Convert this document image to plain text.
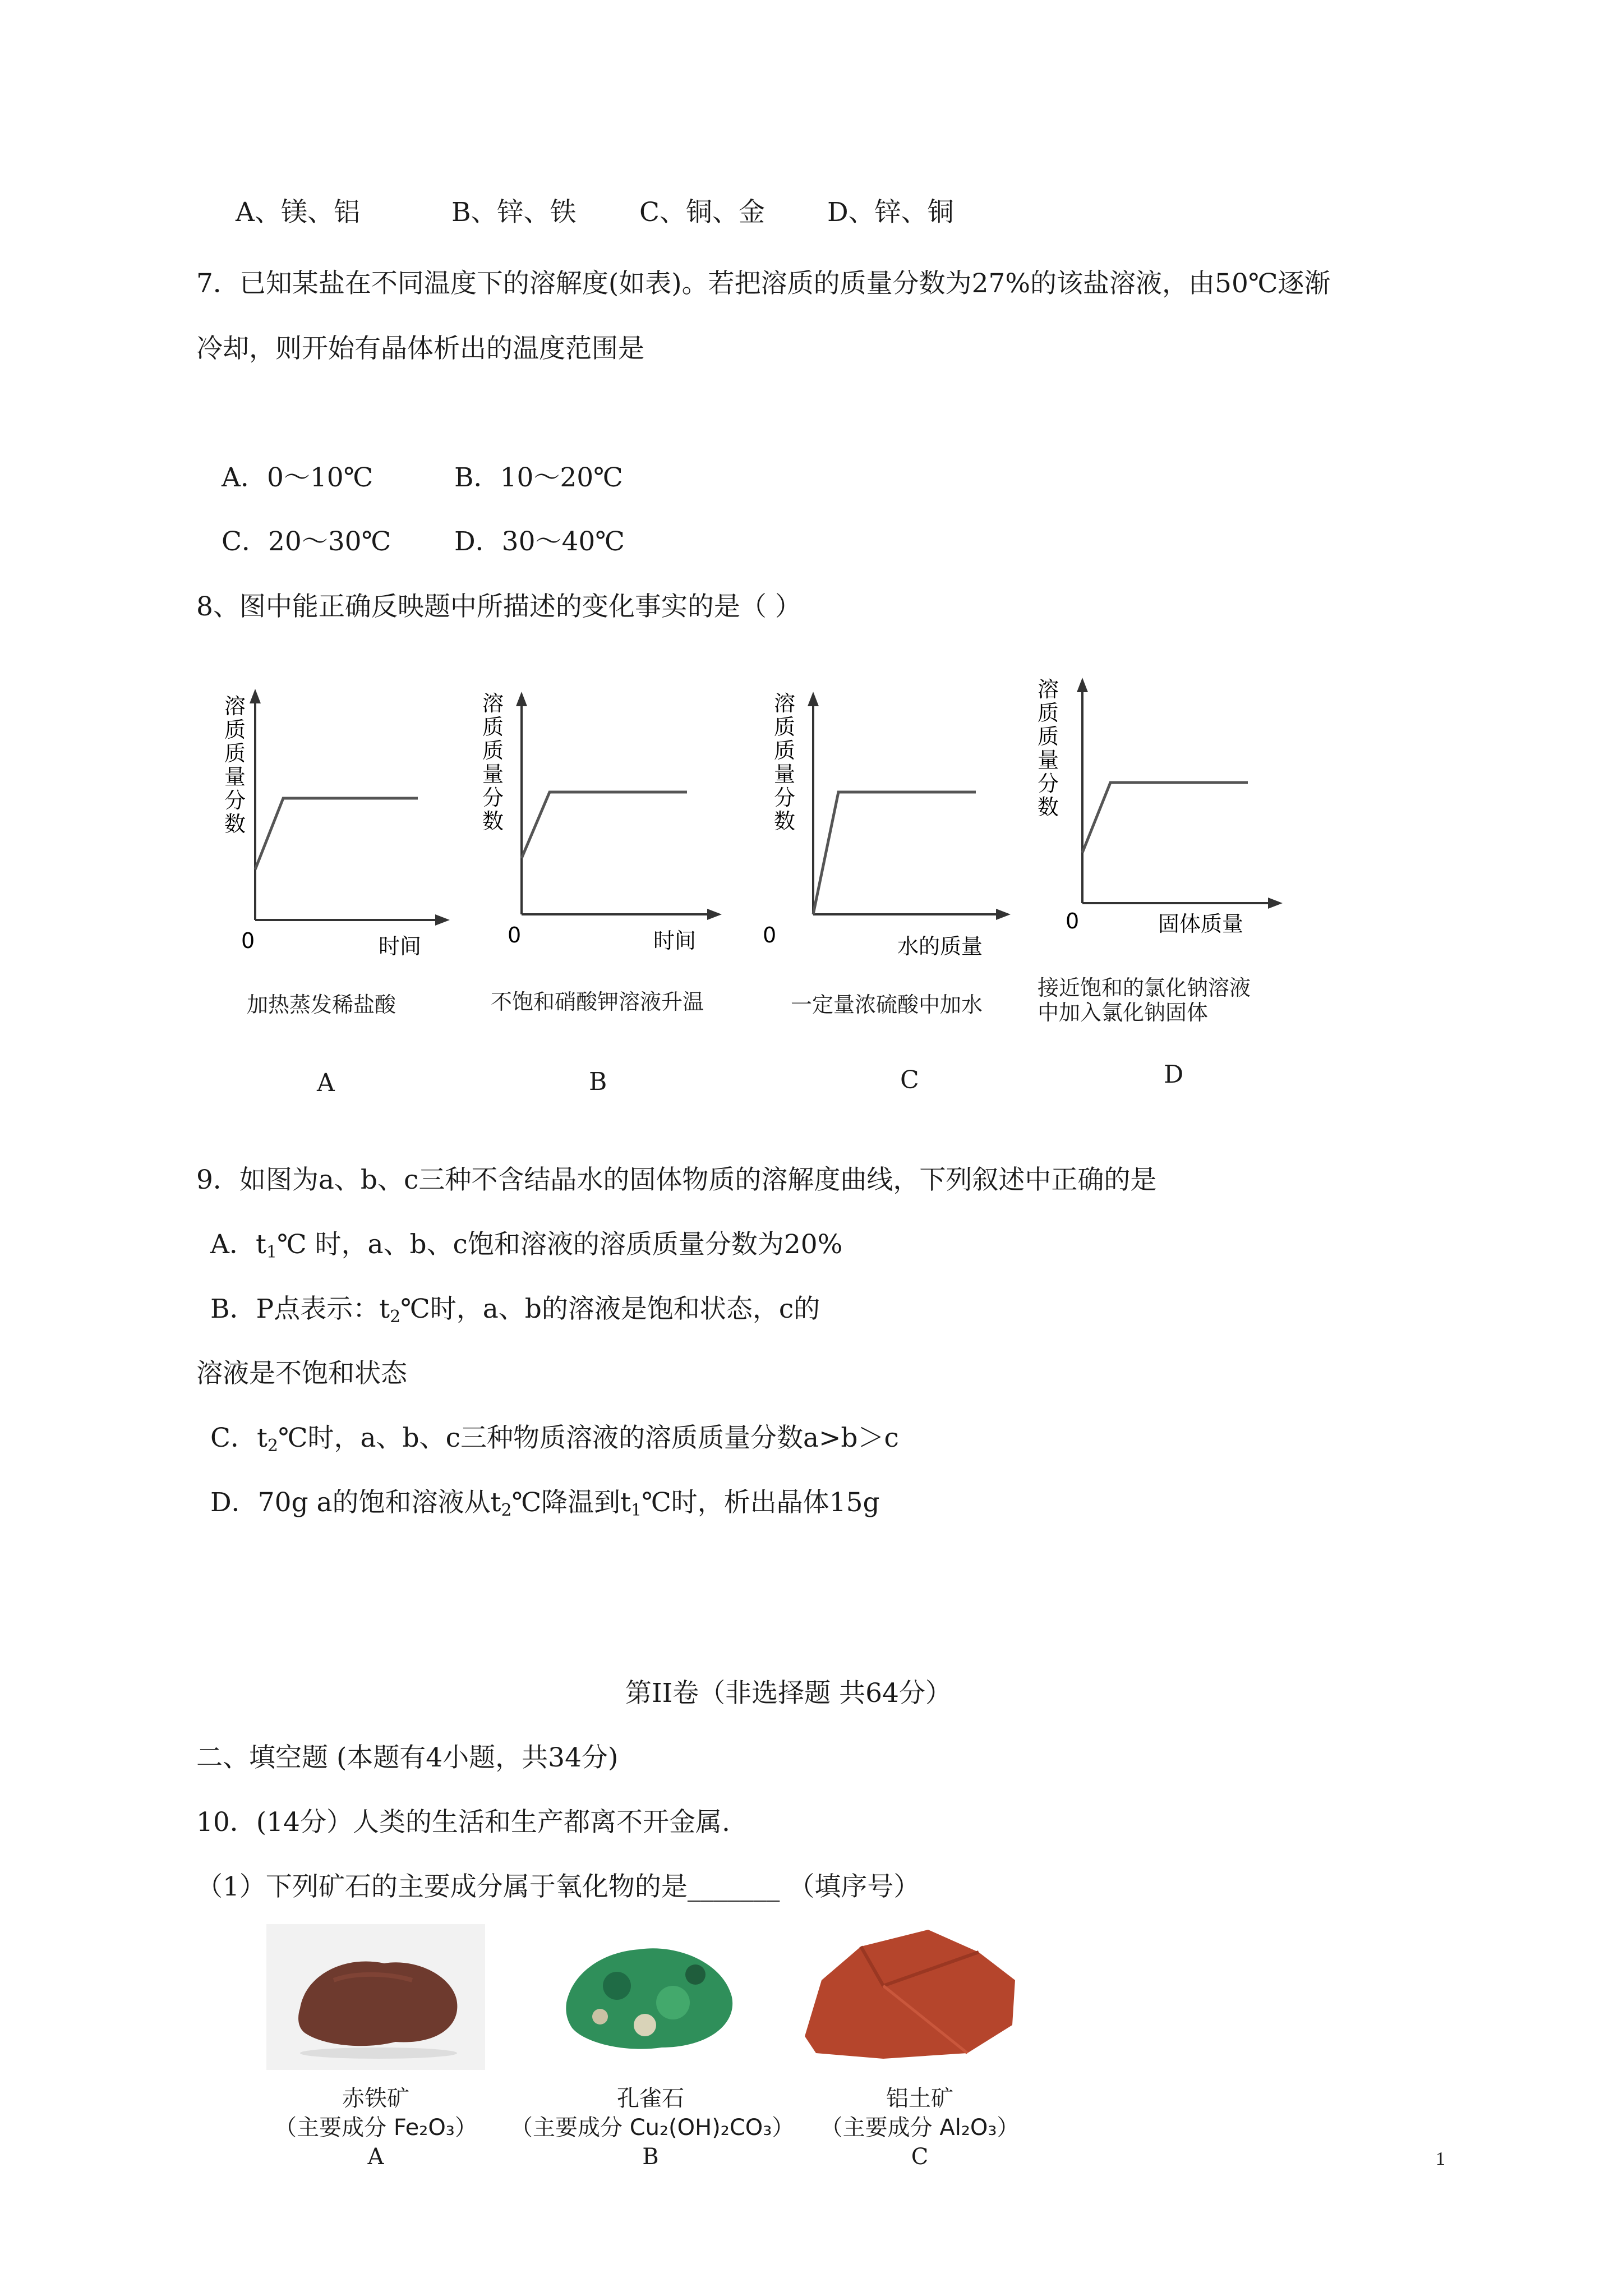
A、镁、铝	B、锌、铁 C、铜、金 D、锌、铜
7．已知某盐在不同温度下的溶解度(如表)。若把溶质的质量分数为27%的该盐溶液，由50℃逐渐
冷却，则开始有晶体析出的温度范围是
A．0～10℃	B．10～20℃
C．20～30℃ D．30～40℃
8、图中能正确反映题中所描述的变化事实的是（ ）
溶
质
质
量
分
数
0	时间
加热蒸发稀盐酸
A
溶
质
质
量
分
数
0	时间
不饱和硝酸钾溶液升温
B
溶
质
质
量
分
数
0	水的质量
一定量浓硫酸中加水
C
溶
质
质
量
分
数
0	固体质量
接近饱和的氯化钠溶液
中加入氯化钠固体
D
9．如图为a、b、c三种不含结晶水的固体物质的溶解度曲线，下列叙述中正确的是
A．$t_1℃$ 时，a、b、c饱和溶液的溶质质量分数为20%
B．P点表示：$t_2℃$时，a、b的溶液是饱和状态，c的
溶液是不饱和状态
C．$t_2℃$时，a、b、c三种物质溶液的溶质质量分数a>b＞c
D．70g a的饱和溶液从$t_2℃$降温到$t_1℃$时，析出晶体15g
第II卷（非选择题 共64分）
二、填空题 (本题有4小题，共34分)
10．(14分）人类的生活和生产都离不开金属.
（1）下列矿石的主要成分属于氧化物的是_______ （填序号）
赤铁矿
（主要成分 Fe₂O₃）
A
孔雀石
（主要成分 Cu₂(OH)₂CO₃）
B
铝土矿
（主要成分 Al₂O₃）
C	1
